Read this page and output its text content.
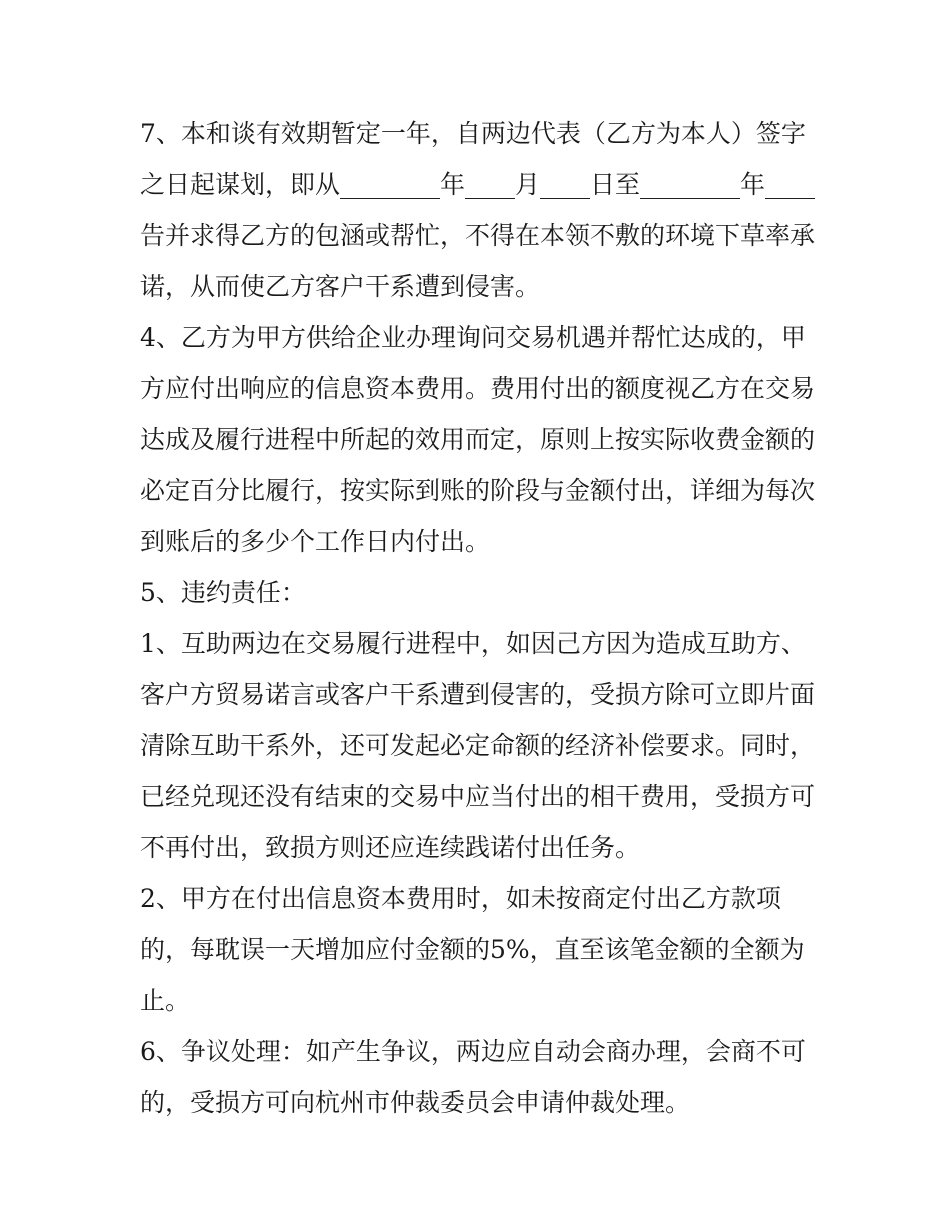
7、本和谈有效期暂定一年，自两边代表（乙方为本人）签字
之日起谋划，即从________年____月____日至________年____
告并求得乙方的包涵或帮忙，不得在本领不敷的环境下草率承
诺，从而使乙方客户干系遭到侵害。
4、乙方为甲方供给企业办理询问交易机遇并帮忙达成的，甲
方应付出响应的信息资本费用。费用付出的额度视乙方在交易
达成及履行进程中所起的效用而定，原则上按实际收费金额的
必定百分比履行，按实际到账的阶段与金额付出，详细为每次
到账后的多少个工作日内付出。
5、违约责任：
1、互助两边在交易履行进程中，如因己方因为造成互助方、
客户方贸易诺言或客户干系遭到侵害的，受损方除可立即片面
清除互助干系外，还可发起必定命额的经济补偿要求。同时，
已经兑现还没有结束的交易中应当付出的相干费用，受损方可
不再付出，致损方则还应连续践诺付出任务。
2、甲方在付出信息资本费用时，如未按商定付出乙方款项
的，每耽误一天增加应付金额的5%，直至该笔金额的全额为
止。
6、争议处理：如产生争议，两边应自动会商办理，会商不可
的，受损方可向杭州市仲裁委员会申请仲裁处理。
